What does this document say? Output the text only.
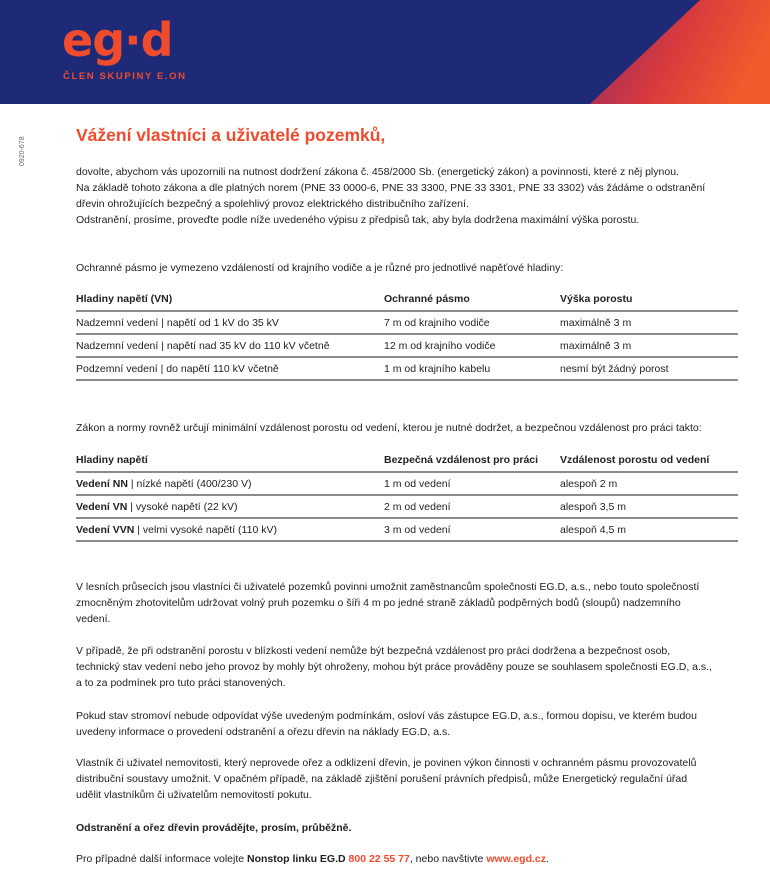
eg·d
ČLEN SKUPINY E.ON
0920-678
Vážení vlastníci a uživatelé pozemků,
dovolte, abychom vás upozornili na nutnost dodržení zákona č. 458/2000 Sb. (energetický zákon) a povinnosti, které z něj plynou.
Na základě tohoto zákona a dle platných norem (PNE 33 0000-6, PNE 33 3300, PNE 33 3301, PNE 33 3302) vás žádáme o odstranění
dřevin ohrožujících bezpečný a spolehlivý provoz elektrického distribučního zařízení.
Odstranění, prosíme, proveďte podle níže uvedeného výpisu z předpisů tak, aby byla dodržena maximální výška porostu.
Ochranné pásmo je vymezeno vzdáleností od krajního vodiče a je různé pro jednotlivé napěťové hladiny:
Hladiny napětí (VN)	Ochranné pásmo	Výška porostu
Nadzemní vedení | napětí od 1 kV do 35 kV	7 m od krajního vodiče	maximálně 3 m
Nadzemní vedení | napětí nad 35 kV do 110 kV včetně	12 m od krajního vodiče	maximálně 3 m
Podzemní vedení | do napětí 110 kV včetně	1 m od krajního kabelu	nesmí být žádný porost
Zákon a normy rovněž určují minimální vzdálenost porostu od vedení, kterou je nutné dodržet, a bezpečnou vzdálenost pro práci takto:
Hladiny napětí	Bezpečná vzdálenost pro práci	Vzdálenost porostu od vedení
Vedení NN | nízké napětí (400/230 V)	1 m od vedení	alespoň 2 m
Vedení VN | vysoké napětí (22 kV)	2 m od vedení	alespoň 3,5 m
Vedení VVN | velmi vysoké napětí (110 kV)	3 m od vedení	alespoň 4,5 m
V lesních průsecích jsou vlastníci či uživatelé pozemků povinni umožnit zaměstnancům společnosti EG.D, a.s., nebo touto společností
zmocněným zhotovitelům udržovat volný pruh pozemku o šíři 4 m po jedné straně základů podpěrných bodů (sloupů) nadzemního
vedení.
V případě, že při odstranění porostu v blízkosti vedení nemůže být bezpečná vzdálenost pro práci dodržena a bezpečnost osob,
technický stav vedení nebo jeho provoz by mohly být ohroženy, mohou být práce prováděny pouze se souhlasem společnosti EG.D, a.s.,
a to za podmínek pro tuto práci stanovených.
Pokud stav stromoví nebude odpovídat výše uvedeným podmínkám, osloví vás zástupce EG.D, a.s., formou dopisu, ve kterém budou
uvedeny informace o provedení odstranění a ořezu dřevin na náklady EG.D, a.s.
Vlastník či uživatel nemovitosti, který neprovede ořez a odklizení dřevin, je povinen výkon činnosti v ochranném pásmu provozovatelů
distribuční soustavy umožnit. V opačném případě, na základě zjištění porušení právních předpisů, může Energetický regulační úřad
udělit vlastníkům či uživatelům nemovitostí pokutu.
Odstranění a ořez dřevin provádějte, prosím, průběžně.
Pro případné další informace volejte Nonstop linku EG.D 800 22 55 77, nebo navštivte www.egd.cz.
